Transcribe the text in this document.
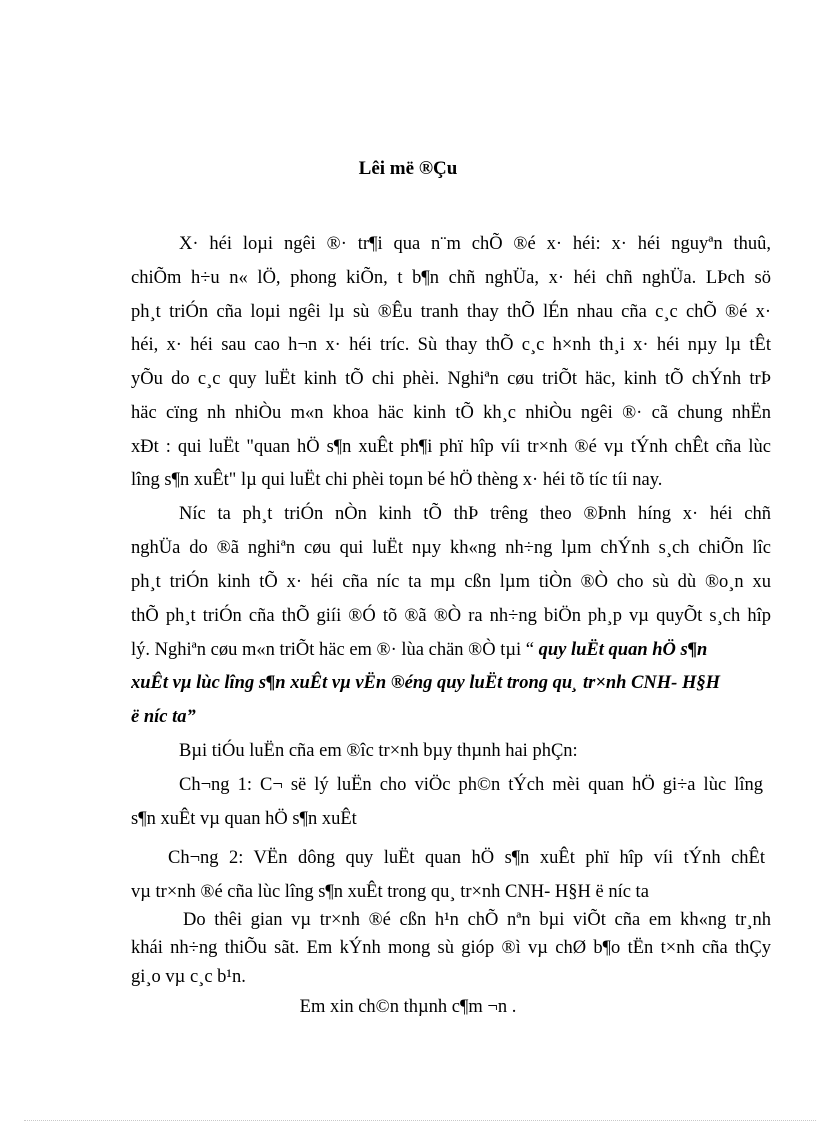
Lêi më ®Çu
X· héi loµi ngêi ®· tr¶i qua n¨m chÕ ®é x· héi: x· héi nguyªn thuû,
chiÕm h÷u n« lÖ, phong kiÕn, t b¶n chñ nghÜa, x· héi chñ nghÜa. LÞch sö
ph¸t triÓn cña loµi ngêi lµ sù ®Êu tranh thay thÕ lÉn nhau cña c¸c chÕ ®é x·
héi, x· héi sau cao h¬n x· héi tríc. Sù thay thÕ c¸c h×nh th¸i x· héi nµy lµ tÊt
yÕu do c¸c quy luËt kinh tÕ chi phèi. Nghiªn cøu triÕt häc, kinh tÕ chÝnh trÞ
häc cïng nh nhiÒu m«n khoa häc kinh tÕ kh¸c nhiÒu ngêi ®· cã chung nhËn
xÐt : qui luËt "quan hÖ s¶n xuÊt ph¶i phï hîp víi tr×nh ®é vµ tÝnh chÊt cña lùc
lîng s¶n xuÊt" lµ qui luËt chi phèi toµn bé hÖ thèng x· héi tõ tíc tíi nay.
Níc ta ph¸t triÓn nÒn kinh tÕ thÞ trêng theo ®Þnh híng x· héi chñ
nghÜa do ®ã nghiªn cøu qui luËt nµy kh«ng nh÷ng lµm chÝnh s¸ch chiÕn lîc
ph¸t triÓn kinh tÕ x· héi cña níc ta mµ cßn lµm tiÒn ®Ò cho sù dù ®o¸n xu
thÕ ph¸t triÓn cña thÕ giíi ®Ó tõ ®ã ®Ò ra nh÷ng biÖn ph¸p vµ quyÕt s¸ch hîp
lý. Nghiªn cøu m«n triÕt häc em ®· lùa chän ®Ò tµi “ quy luËt quan hÖ s¶n
xuÊt vµ lùc lîng s¶n xuÊt vµ vËn ®éng quy luËt trong qu¸ tr×nh CNH- H§H
ë níc ta”
Bµi tiÓu luËn cña em ®îc tr×nh bµy thµnh hai phÇn:
Ch¬ng 1: C¬ së lý luËn cho viÖc ph©n tÝch mèi quan hÖ gi÷a lùc lîng
s¶n xuÊt vµ quan hÖ s¶n xuÊt
Ch¬ng 2: VËn dông quy luËt quan hÖ s¶n xuÊt phï hîp víi tÝnh chÊt
vµ tr×nh ®é cña lùc lîng s¶n xuÊt trong qu¸ tr×nh CNH- H§H ë níc ta
Do thêi gian vµ tr×nh ®é cßn h¹n chÕ nªn bµi viÕt cña em kh«ng tr¸nh
khái nh÷ng thiÕu sãt. Em kÝnh mong sù gióp ®ì vµ chØ b¶o tËn t×nh cña thÇy
gi¸o vµ c¸c b¹n.
Em xin ch©n thµnh c¶m ¬n .
